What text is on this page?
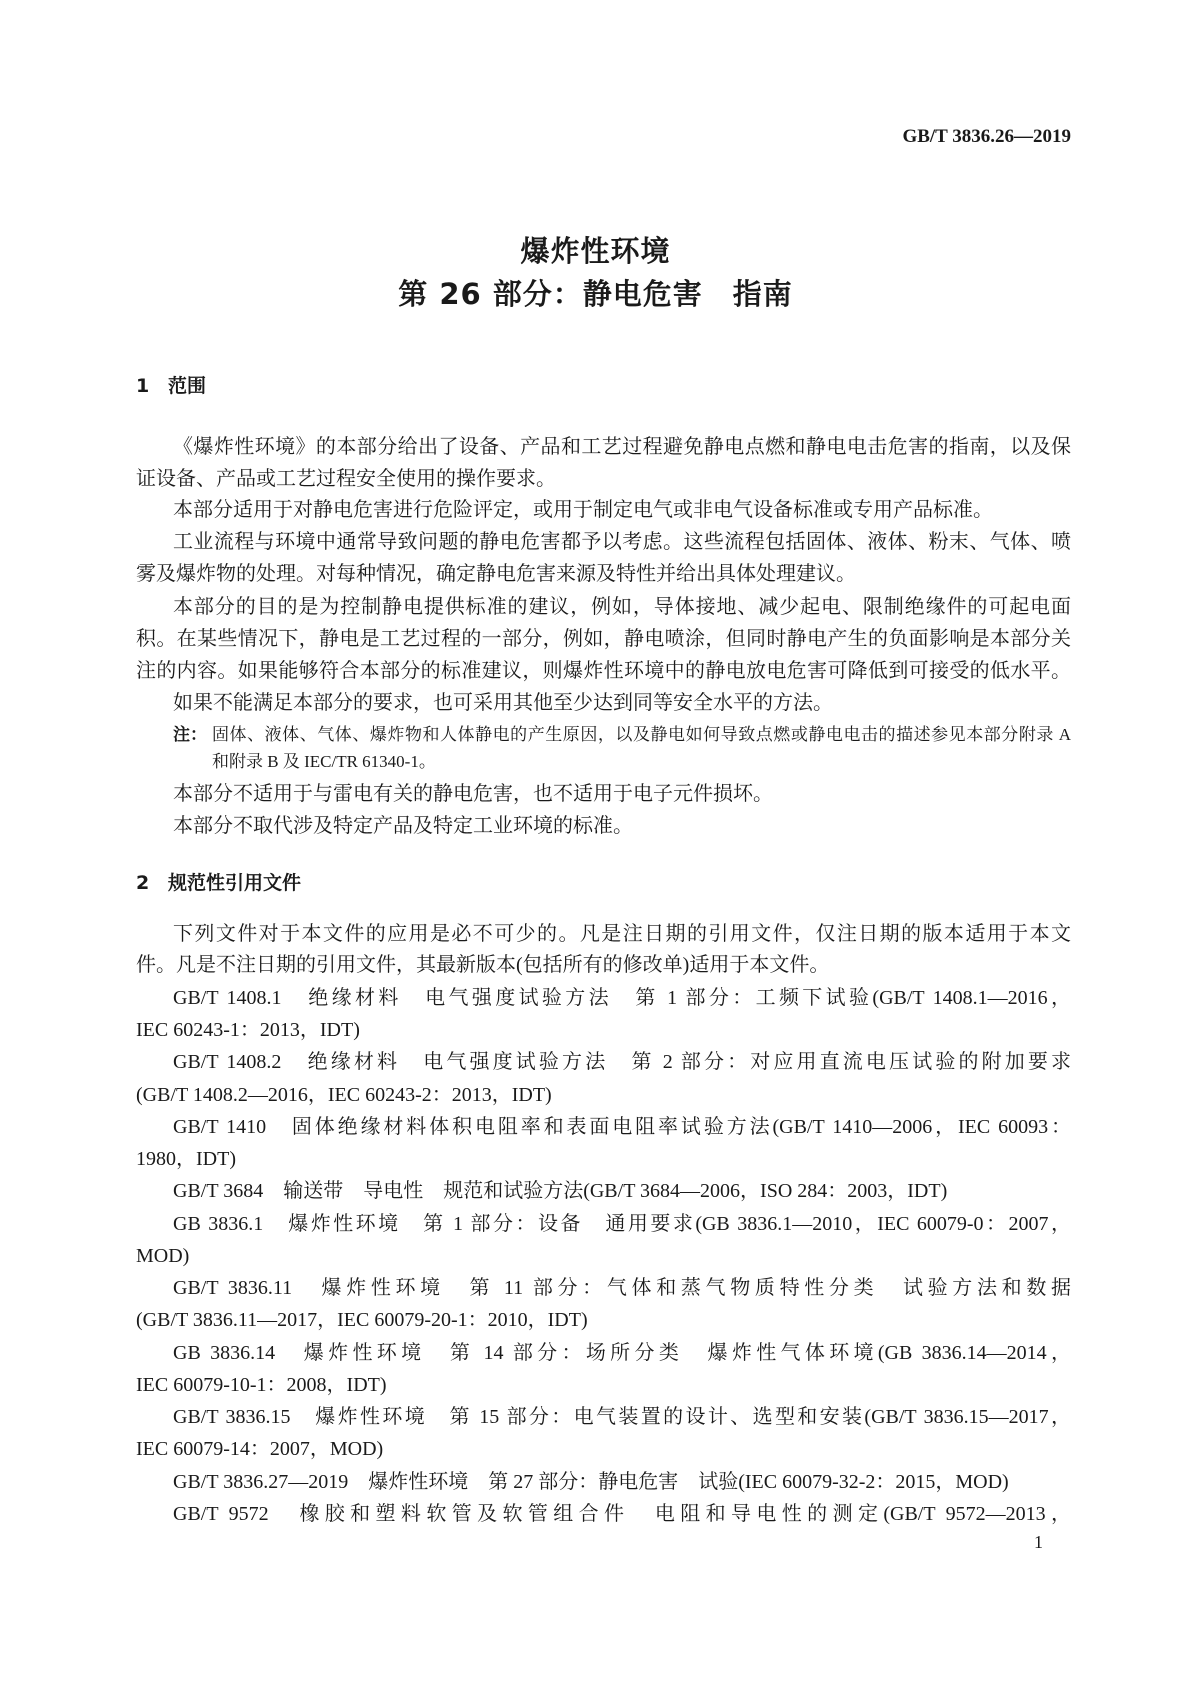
GB/T 3836.26—2019
爆炸性环境
第 26 部分：静电危害　指南
1 范围
《爆炸性环境》的本部分给出了设备、产品和工艺过程避免静电点燃和静电电击危害的指南，以及保
证设备、产品或工艺过程安全使用的操作要求。
本部分适用于对静电危害进行危险评定，或用于制定电气或非电气设备标准或专用产品标准。
工业流程与环境中通常导致问题的静电危害都予以考虑。这些流程包括固体、液体、粉末、气体、喷
雾及爆炸物的处理。对每种情况，确定静电危害来源及特性并给出具体处理建议。
本部分的目的是为控制静电提供标准的建议，例如，导体接地、减少起电、限制绝缘件的可起电面
积。在某些情况下，静电是工艺过程的一部分，例如，静电喷涂，但同时静电产生的负面影响是本部分关
注的内容。如果能够符合本部分的标准建议，则爆炸性环境中的静电放电危害可降低到可接受的低水平。
如果不能满足本部分的要求，也可采用其他至少达到同等安全水平的方法。
注： 固体、液体、气体、爆炸物和人体静电的产生原因，以及静电如何导致点燃或静电电击的描述参见本部分附录 A
和附录 B 及 IEC/TR 61340-1。
本部分不适用于与雷电有关的静电危害，也不适用于电子元件损坏。
本部分不取代涉及特定产品及特定工业环境的标准。
2 规范性引用文件
下列文件对于本文件的应用是必不可少的。凡是注日期的引用文件，仅注日期的版本适用于本文
件。凡是不注日期的引用文件，其最新版本(包括所有的修改单)适用于本文件。
GB/T 1408.1　绝缘材料　电气强度试验方法　第 1 部分：工频下试验(GB/T 1408.1—2016，
IEC 60243-1：2013，IDT)
GB/T 1408.2　绝缘材料　电气强度试验方法　第 2 部分：对应用直流电压试验的附加要求
(GB/T 1408.2—2016，IEC 60243-2：2013，IDT)
GB/T 1410　固体绝缘材料体积电阻率和表面电阻率试验方法(GB/T 1410—2006，IEC 60093：
1980，IDT)
GB/T 3684　输送带　导电性　规范和试验方法(GB/T 3684—2006，ISO 284：2003，IDT)
GB 3836.1　爆炸性环境　第 1 部分：设备　通用要求(GB 3836.1—2010，IEC 60079-0：2007，
MOD)
GB/T 3836.11　爆炸性环境　第 11 部分：气体和蒸气物质特性分类　试验方法和数据
(GB/T 3836.11—2017，IEC 60079-20-1：2010，IDT)
GB 3836.14　爆炸性环境　第 14 部分：场所分类　爆炸性气体环境(GB 3836.14—2014，
IEC 60079-10-1：2008，IDT)
GB/T 3836.15　爆炸性环境　第 15 部分：电气装置的设计、选型和安装(GB/T 3836.15—2017，
IEC 60079-14：2007，MOD)
GB/T 3836.27—2019　爆炸性环境　第 27 部分：静电危害　试验(IEC 60079-32-2：2015，MOD)
GB/T 9572　橡胶和塑料软管及软管组合件　电阻和导电性的测定(GB/T 9572—2013，
1
